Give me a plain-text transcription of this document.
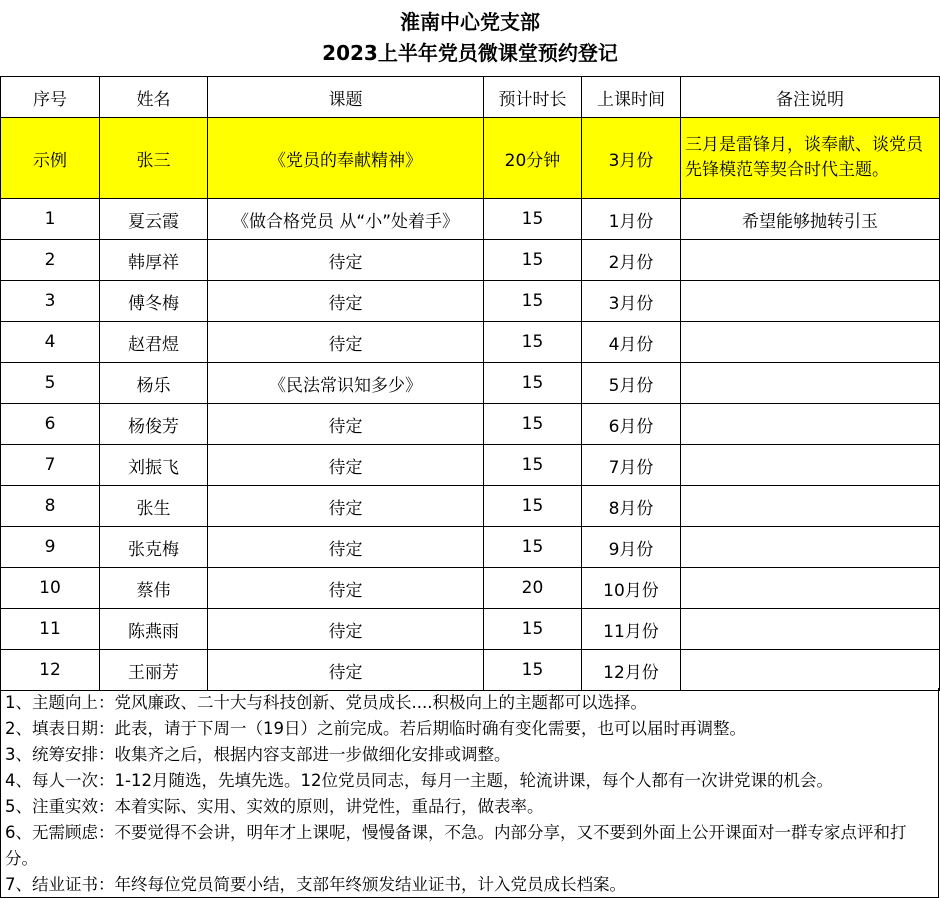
淮南中心党支部
2023上半年党员微课堂预约登记
序号	姓名	课题	预计时长	上课时间	备注说明
示例	张三	《党员的奉献精神》	20分钟	3月份	三月是雷锋月，谈奉献、谈党员先锋模范等契合时代主题。
1	夏云霞	《做合格党员 从“小”处着手》	15	1月份	希望能够抛转引玉
2	韩厚祥	待定	15	2月份	
3	傅冬梅	待定	15	3月份	
4	赵君煜	待定	15	4月份	
5	杨乐	《民法常识知多少》	15	5月份	
6	杨俊芳	待定	15	6月份	
7	刘振飞	待定	15	7月份	
8	张生	待定	15	8月份	
9	张克梅	待定	15	9月份	
10	蔡伟	待定	20	10月份	
11	陈燕雨	待定	15	11月份	
12	王丽芳	待定	15	12月份	
1、主题向上：党风廉政、二十大与科技创新、党员成长....积极向上的主题都可以选择。
2、填表日期：此表，请于下周一（19日）之前完成。若后期临时确有变化需要，也可以届时再调整。
3、统筹安排：收集齐之后，根据内容支部进一步做细化安排或调整。
4、每人一次：1-12月随选，先填先选。12位党员同志，每月一主题，轮流讲课，每个人都有一次讲党课的机会。
5、注重实效：本着实际、实用、实效的原则，讲党性，重品行，做表率。
6、无需顾虑：不要觉得不会讲，明年才上课呢，慢慢备课，不急。内部分享，又不要到外面上公开课面对一群专家点评和打分。
7、结业证书：年终每位党员简要小结，支部年终颁发结业证书，计入党员成长档案。
